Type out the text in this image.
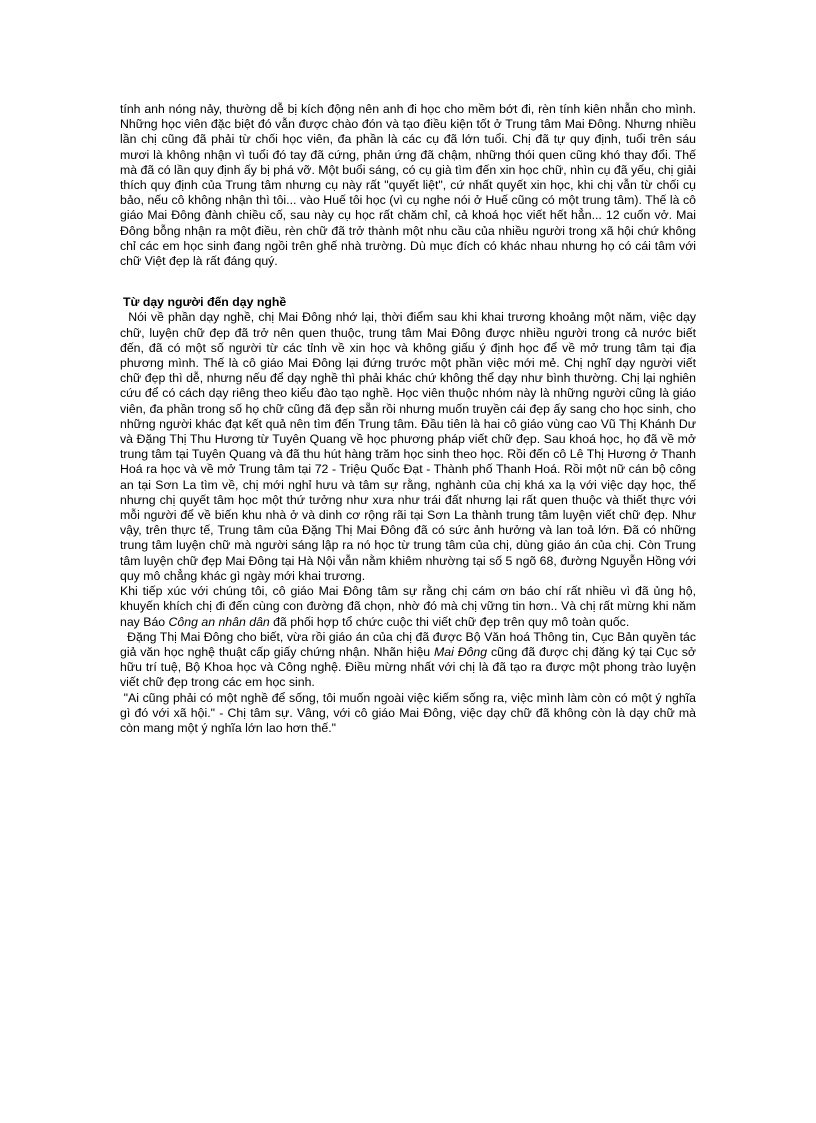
tính anh nóng nảy, thường dễ bị kích động nên anh đi học cho mềm bớt đi, rèn tính kiên nhẫn cho mình. Những học viên đặc biệt đó vẫn được chào đón và tạo điều kiện tốt ở Trung tâm Mai Đông. Nhưng nhiều lần chị cũng đã phải từ chối học viên, đa phần là các cụ đã lớn tuổi. Chị đã tự quy định, tuổi trên sáu mươi là không nhận vì tuổi đó tay đã cứng, phản ứng đã chậm, những thói quen cũng khó thay đổi. Thế mà đã có lần quy định ấy bị phá vỡ. Một buổi sáng, có cụ già tìm đến xin học chữ, nhìn cụ đã yếu, chị giải thích quy định của Trung tâm nhưng cụ này rất "quyết liệt", cứ nhất quyết xin học, khi chị vẫn từ chối cụ bảo, nếu cô không nhận thì tôi... vào Huế tôi học (vì cụ nghe nói ở Huế cũng có một trung tâm). Thế là cô giáo Mai Đông đành chiều cố, sau này cụ học rất chăm chỉ, cả khoá học viết hết hẳn... 12 cuốn vở. Mai Đông bỗng nhận ra một điều, rèn chữ đã trở thành một nhu cầu của nhiều người trong xã hội chứ không chỉ các em học sinh đang ngồi trên ghế nhà trường. Dù mục đích có khác nhau nhưng họ có cái tâm với chữ Việt đẹp là rất đáng quý.

Từ dạy người đến dạy nghề

Nói về phần dạy nghề, chị Mai Đông nhớ lại, thời điểm sau khi khai trương khoảng một năm, việc dạy chữ, luyện chữ đẹp đã trở nên quen thuộc, trung tâm Mai Đông được nhiều người trong cả nước biết đến, đã có một số người từ các tỉnh về xin học và không giấu ý định học để về mở trung tâm tại địa phương mình. Thế là cô giáo Mai Đông lại đứng trước một phần việc mới mẻ. Chị nghĩ dạy người viết chữ đẹp thì dễ, nhưng nếu để dạy nghề thì phải khác chứ không thể dạy như bình thường. Chị lại nghiên cứu để có cách dạy riêng theo kiểu đào tạo nghề. Học viên thuộc nhóm này là những người cũng là giáo viên, đa phần trong số họ chữ cũng đã đẹp sẵn rồi nhưng muốn truyền cái đẹp ấy sang cho học sinh, cho những người khác đạt kết quả nên tìm đến Trung tâm. Đầu tiên là hai cô giáo vùng cao Vũ Thị Khánh Dư và Đặng Thị Thu Hương từ Tuyên Quang về học phương pháp viết chữ đẹp. Sau khoá học, họ đã về mở trung tâm tại Tuyên Quang và đã thu hút hàng trăm học sinh theo học. Rồi đến cô Lê Thị Hương ở Thanh Hoá ra học và về mở Trung tâm tại 72 - Triệu Quốc Đạt - Thành phố Thanh Hoá. Rồi một nữ cán bộ công an tại Sơn La tìm về, chị mới nghỉ hưu và tâm sự rằng, nghành của chị khá xa lạ với việc dạy học, thế nhưng chị quyết tâm học một thứ tưởng như xưa như trái đất nhưng lại rất quen thuộc và thiết thực với mỗi người để về biến khu nhà ở và dinh cơ rộng rãi tại Sơn La thành trung tâm luyện viết chữ đẹp. Như vậy, trên thực tế, Trung tâm của Đặng Thị Mai Đông đã có sức ảnh hưởng và lan toả lớn. Đã có những trung tâm luyện chữ mà người sáng lập ra nó học từ trung tâm của chị, dùng giáo án của chị. Còn Trung tâm luyện chữ đẹp Mai Đông tại Hà Nội vẫn nằm khiêm nhường tại số 5 ngõ 68, đường Nguyễn Hồng với quy mô chẳng khác gì ngày mới khai trương.

Khi tiếp xúc với chúng tôi, cô giáo Mai Đông tâm sự rằng chị cám ơn báo chí rất nhiều vì đã ủng hộ, khuyến khích chị đi đến cùng con đường đã chọn, nhờ đó mà chị vững tin hơn.. Và chị rất mừng khi năm nay Báo Công an nhân dân đã phối hợp tổ chức cuộc thi viết chữ đẹp trên quy mô toàn quốc.

Đặng Thị Mai Đông cho biết, vừa rồi giáo án của chị đã được Bộ Văn hoá Thông tin, Cục Bản quyền tác giả văn học nghệ thuật cấp giấy chứng nhận. Nhãn hiệu Mai Đông cũng đã được chị đăng ký tại Cục sở hữu trí tuệ, Bộ Khoa học và Công nghệ. Điều mừng nhất với chị là đã tạo ra được một phong trào luyện viết chữ đẹp trong các em học sinh.

"Ai cũng phải có một nghề để sống, tôi muốn ngoài việc kiếm sống ra, việc mình làm còn có một ý nghĩa gì đó với xã hội." - Chị tâm sự. Vâng, với cô giáo Mai Đông, việc dạy chữ đã không còn là dạy chữ mà còn mang một ý nghĩa lớn lao hơn thế."
